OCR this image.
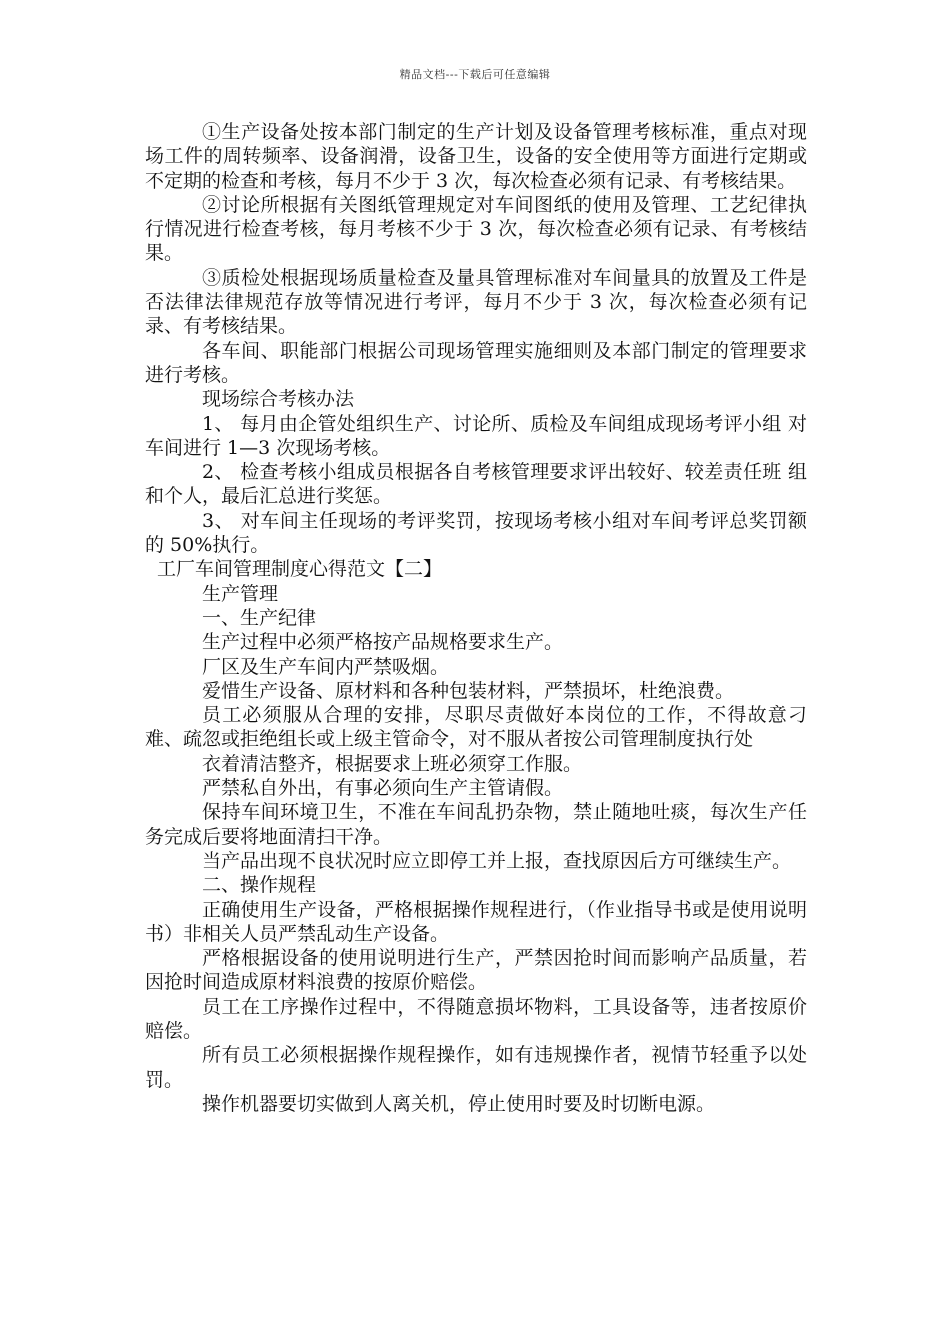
精品文档---下载后可任意编辑

①生产设备处按本部门制定的生产计划及设备管理考核标准，重点对现场工件的周转频率、设备润滑，设备卫生，设备的安全使用等方面进行定期或不定期的检查和考核，每月不少于 3 次，每次检查必须有记录、有考核结果。

②讨论所根据有关图纸管理规定对车间图纸的使用及管理、工艺纪律执行情况进行检查考核，每月考核不少于 3 次，每次检查必须有记录、有考核结果。

③质检处根据现场质量检查及量具管理标准对车间量具的放置及工件是否法律法律规范存放等情况进行考评，每月不少于 3 次，每次检查必须有记录、有考核结果。

各车间、职能部门根据公司现场管理实施细则及本部门制定的管理要求进行考核。

现场综合考核办法

1、 每月由企管处组织生产、讨论所、质检及车间组成现场考评小组 对车间进行 1—3 次现场考核。

2、 检查考核小组成员根据各自考核管理要求评出较好、较差责任班 组和个人，最后汇总进行奖惩。

3、 对车间主任现场的考评奖罚，按现场考核小组对车间考评总奖罚额的 50%执行。

工厂车间管理制度心得范文【二】

生产管理

一、生产纪律

生产过程中必须严格按产品规格要求生产。

厂区及生产车间内严禁吸烟。

爱惜生产设备、原材料和各种包装材料，严禁损坏，杜绝浪费。

员工必须服从合理的安排，尽职尽责做好本岗位的工作，不得故意刁难、疏忽或拒绝组长或上级主管命令，对不服从者按公司管理制度执行处

衣着清洁整齐，根据要求上班必须穿工作服。

严禁私自外出，有事必须向生产主管请假。

保持车间环境卫生，不准在车间乱扔杂物，禁止随地吐痰，每次生产任务完成后要将地面清扫干净。

当产品出现不良状况时应立即停工并上报，查找原因后方可继续生产。

二、操作规程

正确使用生产设备，严格根据操作规程进行，（作业指导书或是使用说明书）非相关人员严禁乱动生产设备。

严格根据设备的使用说明进行生产，严禁因抢时间而影响产品质量，若因抢时间造成原材料浪费的按原价赔偿。

员工在工序操作过程中，不得随意损坏物料，工具设备等，违者按原价赔偿。

所有员工必须根据操作规程操作，如有违规操作者，视情节轻重予以处罚。

操作机器要切实做到人离关机，停止使用时要及时切断电源。
